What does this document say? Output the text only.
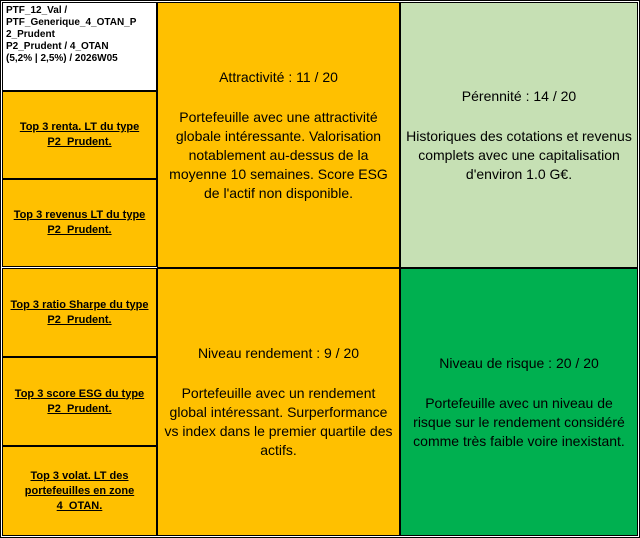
PTF_12_Val /
PTF_Generique_4_OTAN_P
2_Prudent
P2_Prudent / 4_OTAN
(5,2% | 2,5%) / 2026W05
Top 3 renta. LT du type P2_Prudent.
Top 3 revenus LT du type P2_Prudent.
Top 3 ratio Sharpe du type P2_Prudent.
Top 3 score ESG du type P2_Prudent.
Top 3 volat. LT des portefeuilles en zone 4_OTAN.
Attractivité : 11 / 20
Portefeuille avec une attractivité globale intéressante. Valorisation notablement au-dessus de la moyenne 10 semaines. Score ESG de l'actif non disponible.
Pérennité : 14 / 20
Historiques des cotations et revenus complets avec une capitalisation d'environ 1.0 G€.
Niveau rendement : 9 / 20
Portefeuille avec un rendement global intéressant. Surperformance vs index dans le premier quartile des actifs.
Niveau de risque : 20 / 20
Portefeuille avec un niveau de risque sur le rendement considéré comme très faible voire inexistant.
